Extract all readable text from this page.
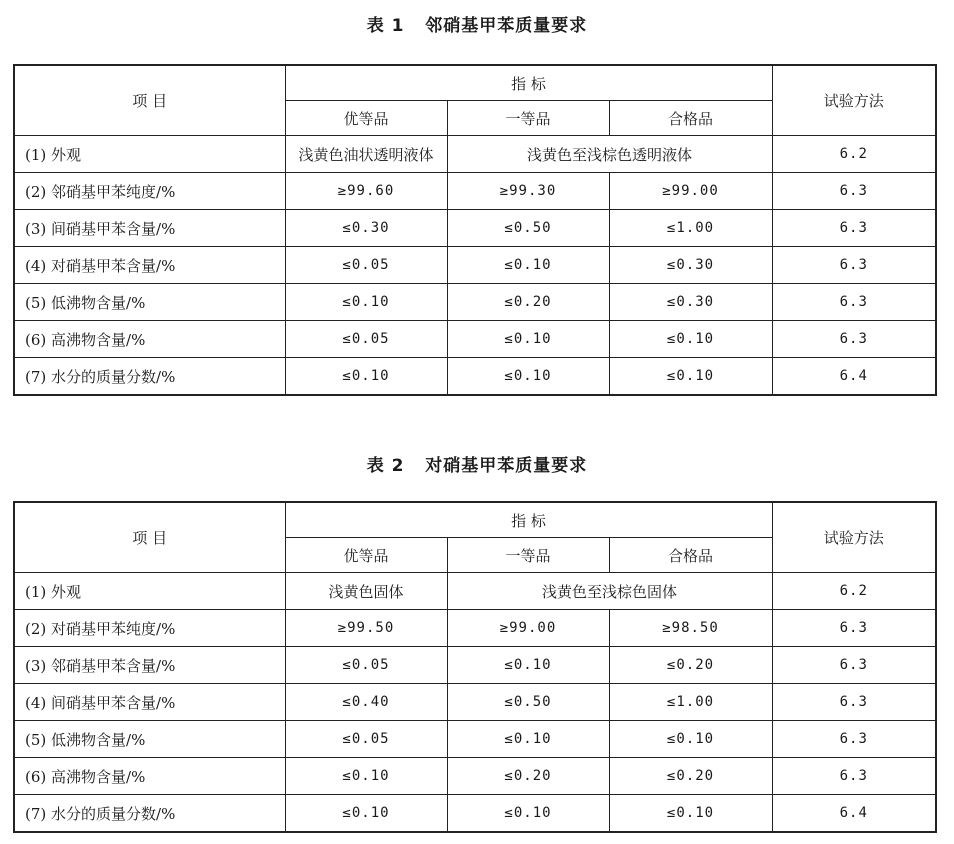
表 1   邻硝基甲苯质量要求
项 目	指 标			试验方法
	优等品	一等品	合格品	
(1) 外观	浅黄色油状透明液体	浅黄色至浅棕色透明液体		6.2
(2) 邻硝基甲苯纯度/%	≥99.60	≥99.30	≥99.00	6.3
(3) 间硝基甲苯含量/%	≤0.30	≤0.50	≤1.00	6.3
(4) 对硝基甲苯含量/%	≤0.05	≤0.10	≤0.30	6.3
(5) 低沸物含量/%	≤0.10	≤0.20	≤0.30	6.3
(6) 高沸物含量/%	≤0.05	≤0.10	≤0.10	6.3
(7) 水分的质量分数/%	≤0.10	≤0.10	≤0.10	6.4
表 2   对硝基甲苯质量要求
项 目	指 标			试验方法
	优等品	一等品	合格品	
(1) 外观	浅黄色固体	浅黄色至浅棕色固体		6.2
(2) 对硝基甲苯纯度/%	≥99.50	≥99.00	≥98.50	6.3
(3) 邻硝基甲苯含量/%	≤0.05	≤0.10	≤0.20	6.3
(4) 间硝基甲苯含量/%	≤0.40	≤0.50	≤1.00	6.3
(5) 低沸物含量/%	≤0.05	≤0.10	≤0.10	6.3
(6) 高沸物含量/%	≤0.10	≤0.20	≤0.20	6.3
(7) 水分的质量分数/%	≤0.10	≤0.10	≤0.10	6.4
